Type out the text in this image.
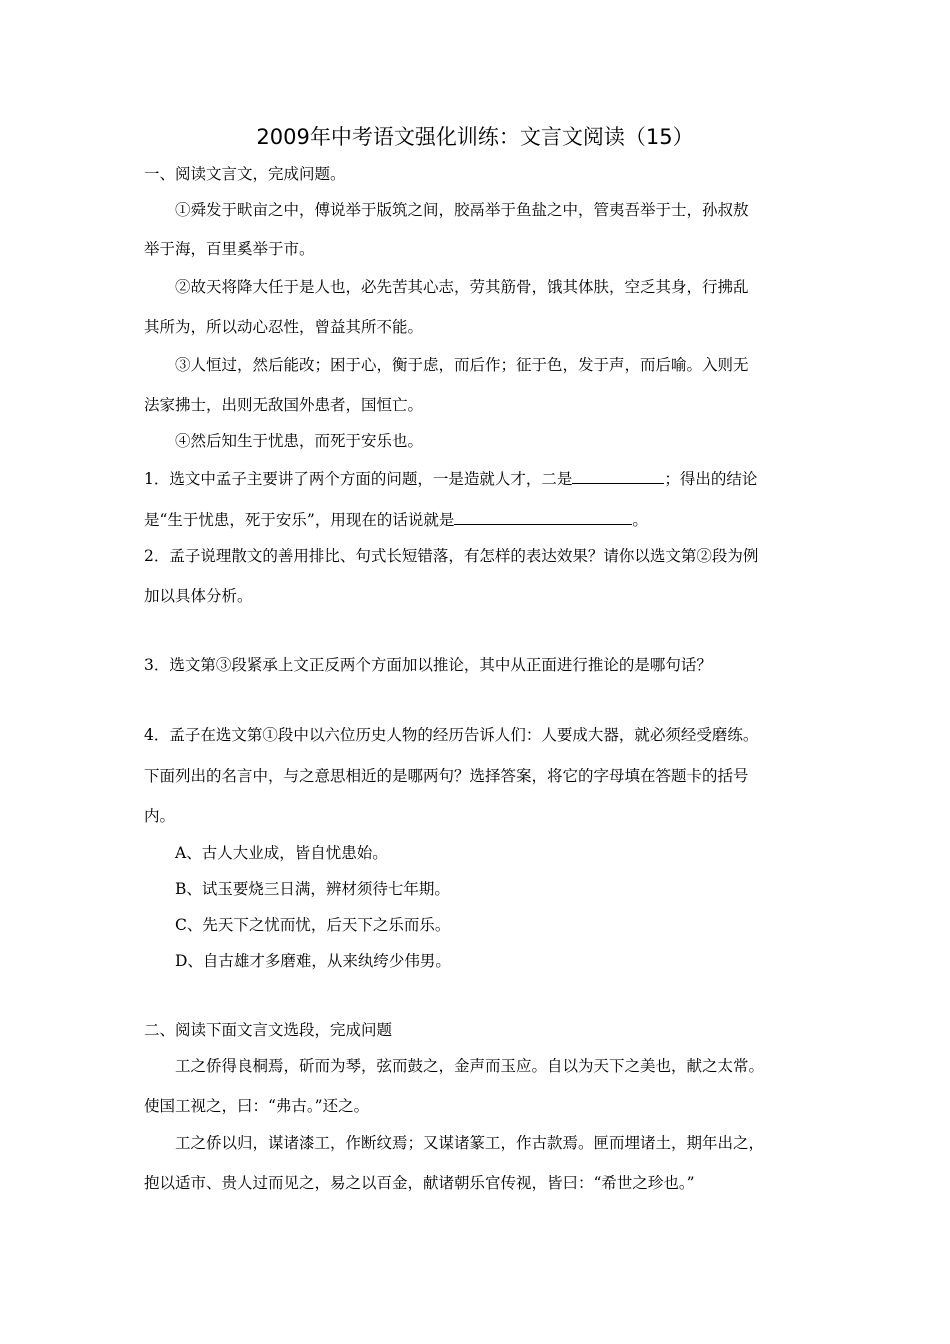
2009年中考语文强化训练：文言文阅读（15）

一、阅读文言文，完成问题。

①舜发于畎亩之中，傅说举于版筑之间，胶鬲举于鱼盐之中，管夷吾举于士，孙叔敖

举于海，百里奚举于市。

②故天将降大任于是人也，必先苦其心志，劳其筋骨，饿其体肤，空乏其身，行拂乱

其所为，所以动心忍性，曾益其所不能。

③人恒过，然后能改；困于心，衡于虑，而后作；征于色，发于声，而后喻。入则无

法家拂士，出则无敌国外患者，国恒亡。

④然后知生于忧患，而死于安乐也。

1．选文中孟子主要讲了两个方面的问题，一是造就人才，二是	；得出的结论

是“生于忧患，死于安乐”，用现在的话说就是	。

2．孟子说理散文的善用排比、句式长短错落，有怎样的表达效果？请你以选文第②段为例

加以具体分析。

3．选文第③段紧承上文正反两个方面加以推论，其中从正面进行推论的是哪句话？

4．孟子在选文第①段中以六位历史人物的经历告诉人们：人要成大器，就必须经受磨练。

下面列出的名言中，与之意思相近的是哪两句？选择答案，将它的字母填在答题卡的括号

内。

A、古人大业成，皆自忧患始。

B、试玉要烧三日满，辨材须待七年期。

C、先天下之忧而忧，后天下之乐而乐。

D、自古雄才多磨难，从来纨绔少伟男。

二、阅读下面文言文选段，完成问题

工之侨得良桐焉，斫而为琴，弦而鼓之，金声而玉应。自以为天下之美也，献之太常。

使国工视之，曰：“弗古。”还之。

工之侨以归，谋诸漆工，作断纹焉；又谋诸篆工，作古款焉。匣而埋诸土，期年出之，

抱以适市、贵人过而见之，易之以百金，献诸朝乐官传视，皆曰：“希世之珍也。”
